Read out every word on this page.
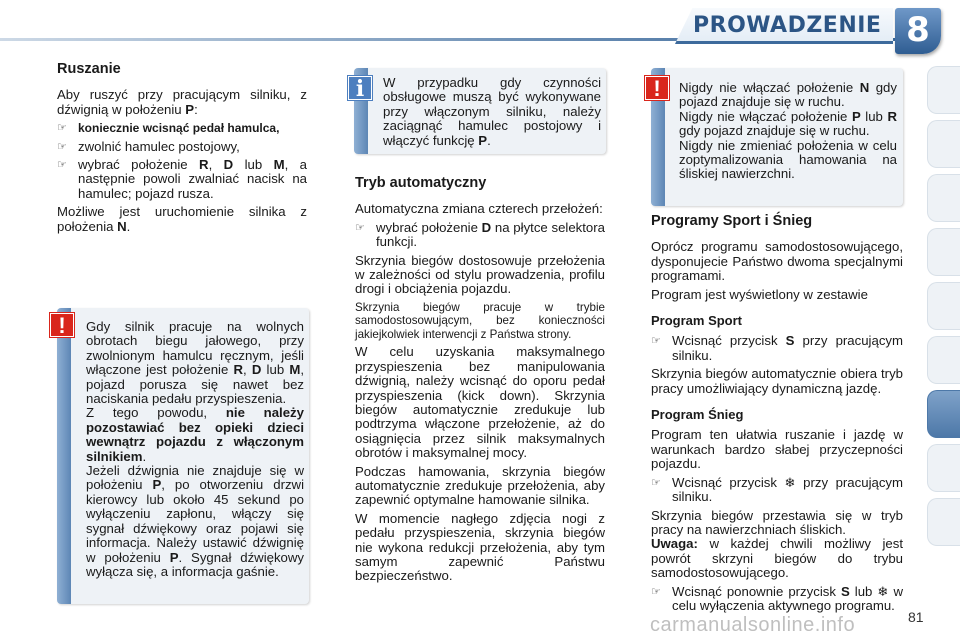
PROWADZENIE 8
Ruszanie

Aby ruszyć przy pracującym silniku, z dźwignią w położeniu P:

☞ koniecznie wcisnąć pedał hamulca,
☞ zwolnić hamulec postojowy,
☞ wybrać położenie R, D lub M, a następnie powoli zwalniać nacisk na hamulec; pojazd rusza.

Możliwe jest uruchomienie silnika z położenia N.

!	Gdy silnik pracuje na wolnych obrotach biegu jałowego, przy zwolnionym hamulcu ręcznym, jeśli włączone jest położenie R, D lub M, pojazd porusza się nawet bez naciskania pedału przyspieszenia.

Z tego powodu, nie należy pozostawiać bez opieki dzieci wewnątrz pojazdu z włączonym silnikiem.

Jeżeli dźwignia nie znajduje się w położeniu P, po otworzeniu drzwi kierowcy lub około 45 sekund po wyłączeniu zapłonu, włączy się sygnał dźwiękowy oraz pojawi się informacja. Należy ustawić dźwignię w położeniu P. Sygnał dźwiękowy wyłącza się, a informacja gaśnie.

i	W przypadku gdy czynności obsługowe muszą być wykonywane przy włączonym silniku, należy zaciągnąć hamulec postojowy i włączyć funkcję P.

Tryb automatyczny

Automatyczna zmiana czterech przełożeń:

☞ wybrać położenie D na płytce selektora funkcji.

Skrzynia biegów dostosowuje przełożenia w zależności od stylu prowadzenia, profilu drogi i obciążenia pojazdu.

Skrzynia biegów pracuje w trybie samodostosowującym, bez konieczności jakiejkolwiek interwencji z Państwa strony.

W celu uzyskania maksymalnego przyspieszenia bez manipulowania dźwignią, należy wcisnąć do oporu pedał przyspieszenia (kick down). Skrzynia biegów automatycznie zredukuje lub podtrzyma włączone przełożenie, aż do osiągnięcia przez silnik maksymalnych obrotów i maksymalnej mocy.

Podczas hamowania, skrzynia biegów automatycznie zredukuje przełożenia, aby zapewnić optymalne hamowanie silnika.

W momencie nagłego zdjęcia nogi z pedału przyspieszenia, skrzynia biegów nie wykona redukcji przełożenia, aby tym samym zapewnić Państwu bezpieczeństwo.

!	Nigdy nie włączać położenie N gdy pojazd znajduje się w ruchu.

Nigdy nie włączać położenie P lub R gdy pojazd znajduje się w ruchu.

Nigdy nie zmieniać położenia w celu zoptymalizowania hamowania na śliskiej nawierzchni.

Programy Sport i Śnieg

Oprócz programu samodostosowującego, dysponujecie Państwo dwoma specjalnymi programami.

Program jest wyświetlony w zestawie

Program Sport
☞ Wcisnąć przycisk S przy pracującym silniku.

Skrzynia biegów automatycznie obiera tryb pracy umożliwiający dynamiczną jazdę.

Program Śnieg

Program ten ułatwia ruszanie i jazdę w warunkach bardzo słabej przyczepności pojazdu.

☞ Wcisnąć przycisk ❄ przy pracującym silniku.

Skrzynia biegów przestawia się w tryb pracy na nawierzchniach śliskich.

Uwaga: w każdej chwili możliwy jest powrót skrzyni biegów do trybu samodostosowującego.

☞ Wcisnąć ponownie przycisk S lub ❄ w celu wyłączenia aktywnego programu.
carmanualsonline.info	81
